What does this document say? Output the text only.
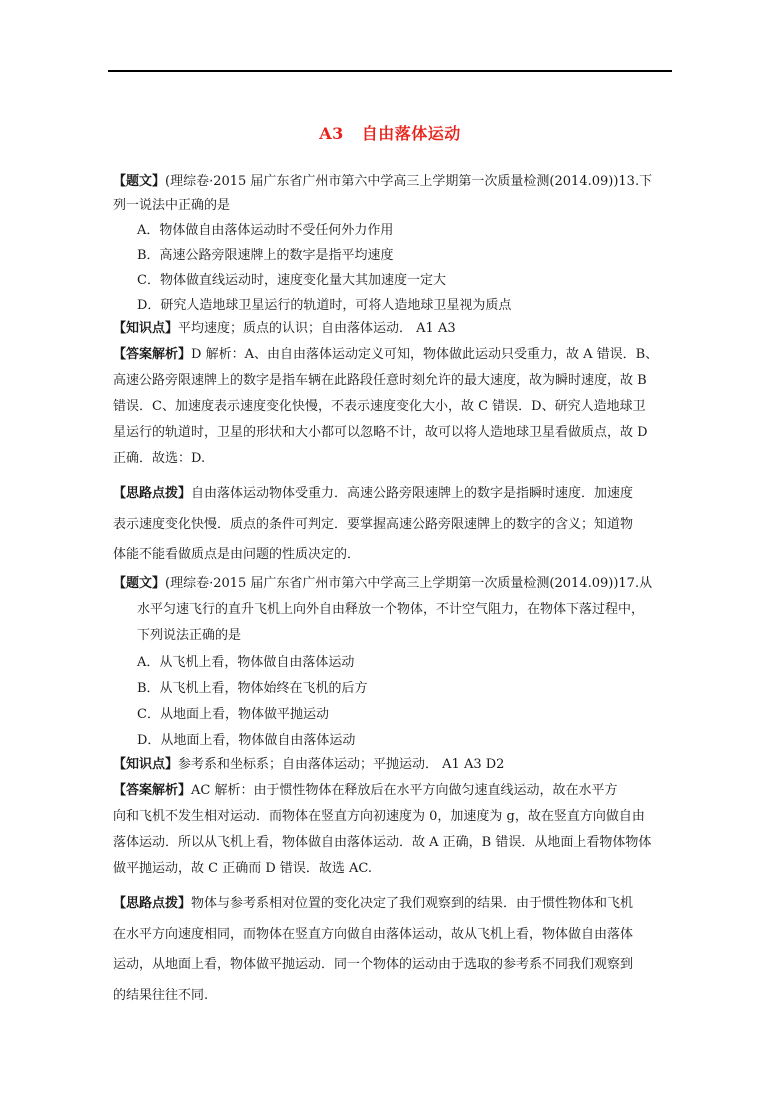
A3 自由落体运动
【题文】(理综卷·2015 届广东省广州市第六中学高三上学期第一次质量检测(2014.09))13.下
列一说法中正确的是
A．物体做自由落体运动时不受任何外力作用
B．高速公路旁限速牌上的数字是指平均速度
C．物体做直线运动时，速度变化量大其加速度一定大
D．研究人造地球卫星运行的轨道时，可将人造地球卫星视为质点
【知识点】平均速度；质点的认识；自由落体运动． A1 A3
【答案解析】D 解析：A、由自由落体运动定义可知，物体做此运动只受重力，故 A 错误．B、
高速公路旁限速牌上的数字是指车辆在此路段任意时刻允许的最大速度，故为瞬时速度，故 B
错误．C、加速度表示速度变化快慢，不表示速度变化大小，故 C 错误．D、研究人造地球卫
星运行的轨道时，卫星的形状和大小都可以忽略不计，故可以将人造地球卫星看做质点，故 D
正确．故选：D.
【思路点拨】自由落体运动物体受重力．高速公路旁限速牌上的数字是指瞬时速度．加速度
表示速度变化快慢．质点的条件可判定．要掌握高速公路旁限速牌上的数字的含义；知道物
体能不能看做质点是由问题的性质决定的．
【题文】(理综卷·2015 届广东省广州市第六中学高三上学期第一次质量检测(2014.09))17.从
水平匀速飞行的直升飞机上向外自由释放一个物体，不计空气阻力，在物体下落过程中，
下列说法正确的是
A．从飞机上看，物体做自由落体运动
B．从飞机上看，物体始终在飞机的后方
C．从地面上看，物体做平抛运动
D．从地面上看，物体做自由落体运动
【知识点】参考系和坐标系；自由落体运动；平抛运动． A1 A3 D2
【答案解析】AC 解析：由于惯性物体在释放后在水平方向做匀速直线运动，故在水平方
向和飞机不发生相对运动．而物体在竖直方向初速度为 0，加速度为 g，故在竖直方向做自由
落体运动．所以从飞机上看，物体做自由落体运动．故 A 正确，B 错误．从地面上看物体物体
做平抛运动，故 C 正确而 D 错误．故选 AC.
【思路点拨】物体与参考系相对位置的变化决定了我们观察到的结果．由于惯性物体和飞机
在水平方向速度相同，而物体在竖直方向做自由落体运动，故从飞机上看，物体做自由落体
运动，从地面上看，物体做平抛运动．同一个物体的运动由于选取的参考系不同我们观察到
的结果往往不同.
